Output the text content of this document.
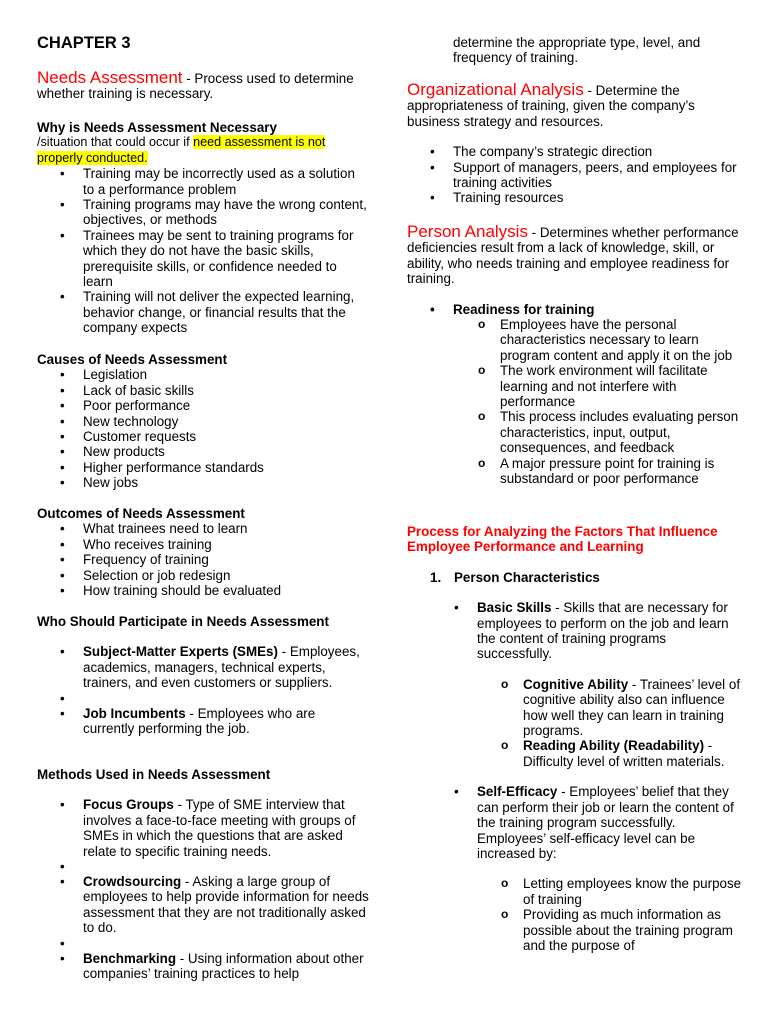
CHAPTER 3
Needs Assessment - Process used to determine whether training is necessary.
Why is Needs Assessment Necessary
/situation that could occur if need assessment is not properly conducted.
• Training may be incorrectly used as a solution to a performance problem
• Training programs may have the wrong content, objectives, or methods
• Trainees may be sent to training programs for which they do not have the basic skills, prerequisite skills, or confidence needed to learn
• Training will not deliver the expected learning, behavior change, or financial results that the company expects
Causes of Needs Assessment
• Legislation
• Lack of basic skills
• Poor performance
• New technology
• Customer requests
• New products
• Higher performance standards
• New jobs
Outcomes of Needs Assessment
• What trainees need to learn
• Who receives training
• Frequency of training
• Selection or job redesign
• How training should be evaluated
Who Should Participate in Needs Assessment
• Subject-Matter Experts (SMEs) - Employees, academics, managers, technical experts, trainers, and even customers or suppliers.
•
• Job Incumbents - Employees who are currently performing the job.
Methods Used in Needs Assessment
• Focus Groups - Type of SME interview that involves a face-to-face meeting with groups of SMEs in which the questions that are asked relate to specific training needs.
•
• Crowdsourcing - Asking a large group of employees to help provide information for needs assessment that they are not traditionally asked to do.
•
• Benchmarking - Using information about other companies’ training practices to help
determine the appropriate type, level, and frequency of training.
Organizational Analysis - Determine the appropriateness of training, given the company’s business strategy and resources.
• The company’s strategic direction
• Support of managers, peers, and employees for training activities
• Training resources
Person Analysis - Determines whether performance deficiencies result from a lack of knowledge, skill, or ability, who needs training and employee readiness for training.
• Readiness for training
o Employees have the personal characteristics necessary to learn program content and apply it on the job
o The work environment will facilitate learning and not interfere with performance
o This process includes evaluating person characteristics, input, output, consequences, and feedback
o A major pressure point for training is substandard or poor performance
Process for Analyzing the Factors That Influence Employee Performance and Learning
1. Person Characteristics
• Basic Skills - Skills that are necessary for employees to perform on the job and learn the content of training programs successfully.
o Cognitive Ability - Trainees’ level of cognitive ability also can influence how well they can learn in training programs.
o Reading Ability (Readability) - Difficulty level of written materials.
• Self-Efficacy - Employees’ belief that they can perform their job or learn the content of the training program successfully. Employees’ self-efficacy level can be increased by:
o Letting employees know the purpose of training
o Providing as much information as possible about the training program and the purpose of
